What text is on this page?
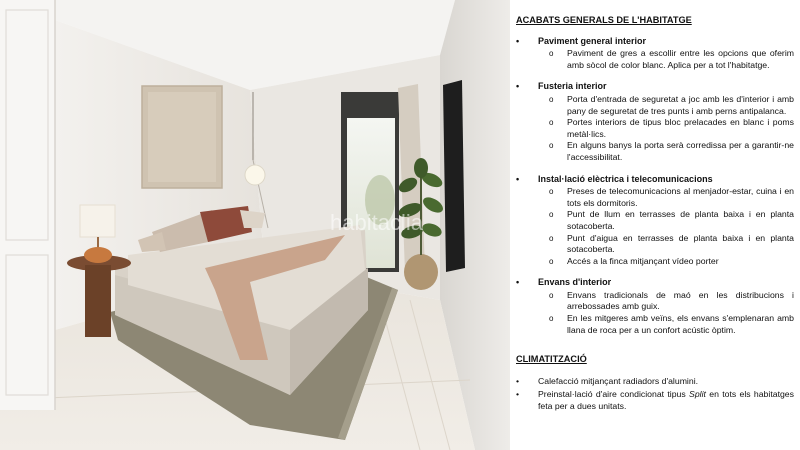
habitaclia
ACABATS GENERALS DE L'HABITATGE
•	Paviment general interior
o	Paviment de gres a escollir entre les opcions que oferim amb sòcol de color blanc. Aplica per a tot l'habitatge.
•	Fusteria interior
o	Porta d'entrada de seguretat a joc amb les d'interior i amb pany de seguretat de tres punts i amb perns antipalanca.
o	Portes interiors de tipus bloc prelacades en blanc i poms metàl·lics.
o	En alguns banys la porta serà corredissa per a garantir-ne l'accessibilitat.
•	Instal·lació elèctrica i telecomunicacions
o	Preses de telecomunicacions al menjador-estar, cuina i en tots els dormitoris.
o	Punt de llum en terrasses de planta baixa i en planta sotacoberta.
o	Punt d'aigua en terrasses de planta baixa i en planta sotacoberta.
o	Accés a la finca mitjançant vídeo porter
•	Envans d'interior
o	Envans tradicionals de maó en les distribucions i arrebossades amb guix.
o	En les mitgeres amb veïns, els envans s'emplenaran amb llana de roca per a un confort acústic òptim.
CLIMATITZACIÓ
•	Calefacció mitjançant radiadors d'alumini.
•	Preinstal·lació d'aire condicionat tipus Split en tots els habitatges feta per a dues unitats.
